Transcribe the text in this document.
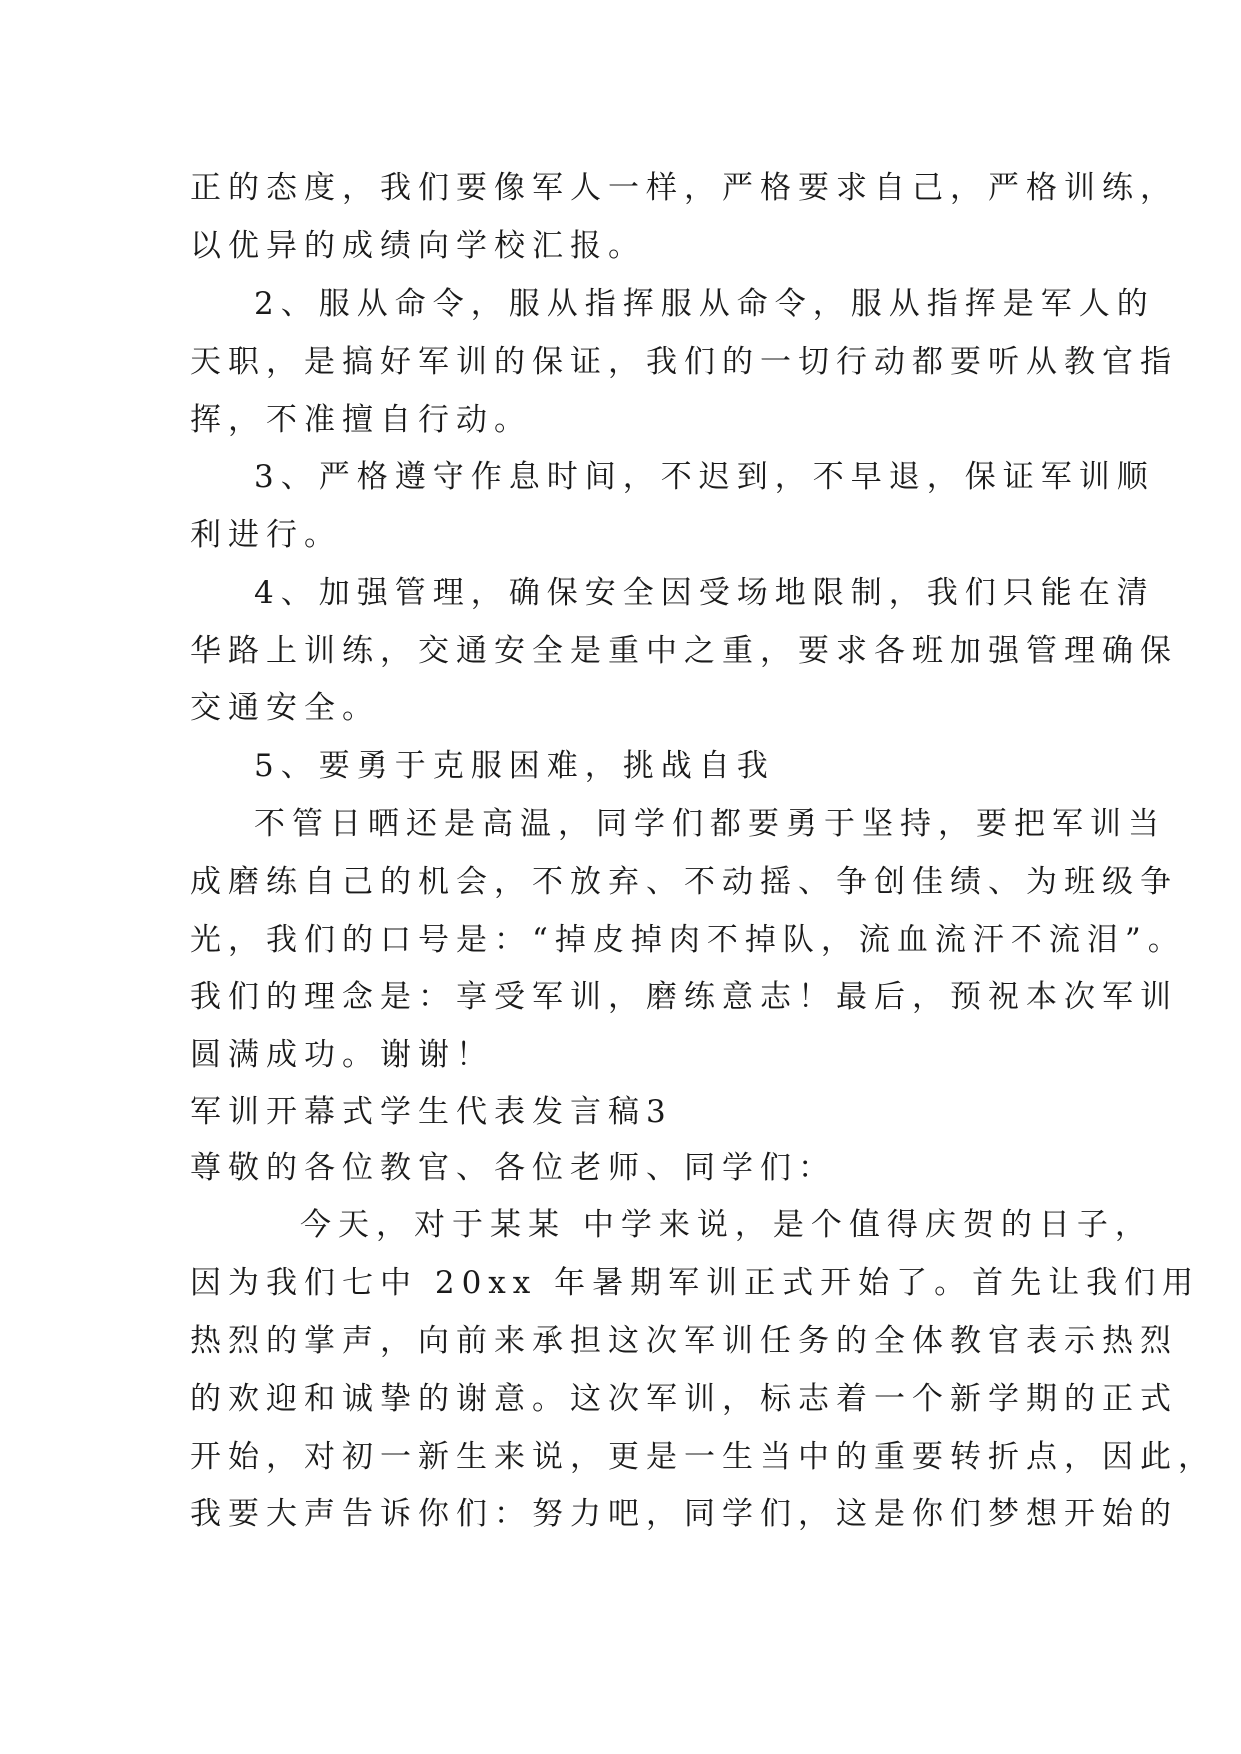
正的态度，我们要像军人一样，严格要求自己，严格训练，
以优异的成绩向学校汇报。
2、服从命令，服从指挥服从命令，服从指挥是军人的
天职，是搞好军训的保证，我们的一切行动都要听从教官指
挥，不准擅自行动。
3、严格遵守作息时间，不迟到，不早退，保证军训顺
利进行。
4、加强管理，确保安全因受场地限制，我们只能在清
华路上训练，交通安全是重中之重，要求各班加强管理确保
交通安全。
5、要勇于克服困难，挑战自我
不管日晒还是高温，同学们都要勇于坚持，要把军训当
成磨练自己的机会，不放弃、不动摇、争创佳绩、为班级争
光，我们的口号是：“掉皮掉肉不掉队，流血流汗不流泪”。
我们的理念是：享受军训，磨练意志！最后，预祝本次军训
圆满成功。谢谢！
军训开幕式学生代表发言稿3
尊敬的各位教官、各位老师、同学们：
今天，对于某某 中学来说，是个值得庆贺的日子，
因为我们七中 20xx 年暑期军训正式开始了。首先让我们用
热烈的掌声，向前来承担这次军训任务的全体教官表示热烈
的欢迎和诚挚的谢意。这次军训，标志着一个新学期的正式
开始，对初一新生来说，更是一生当中的重要转折点，因此，
我要大声告诉你们：努力吧，同学们，这是你们梦想开始的
